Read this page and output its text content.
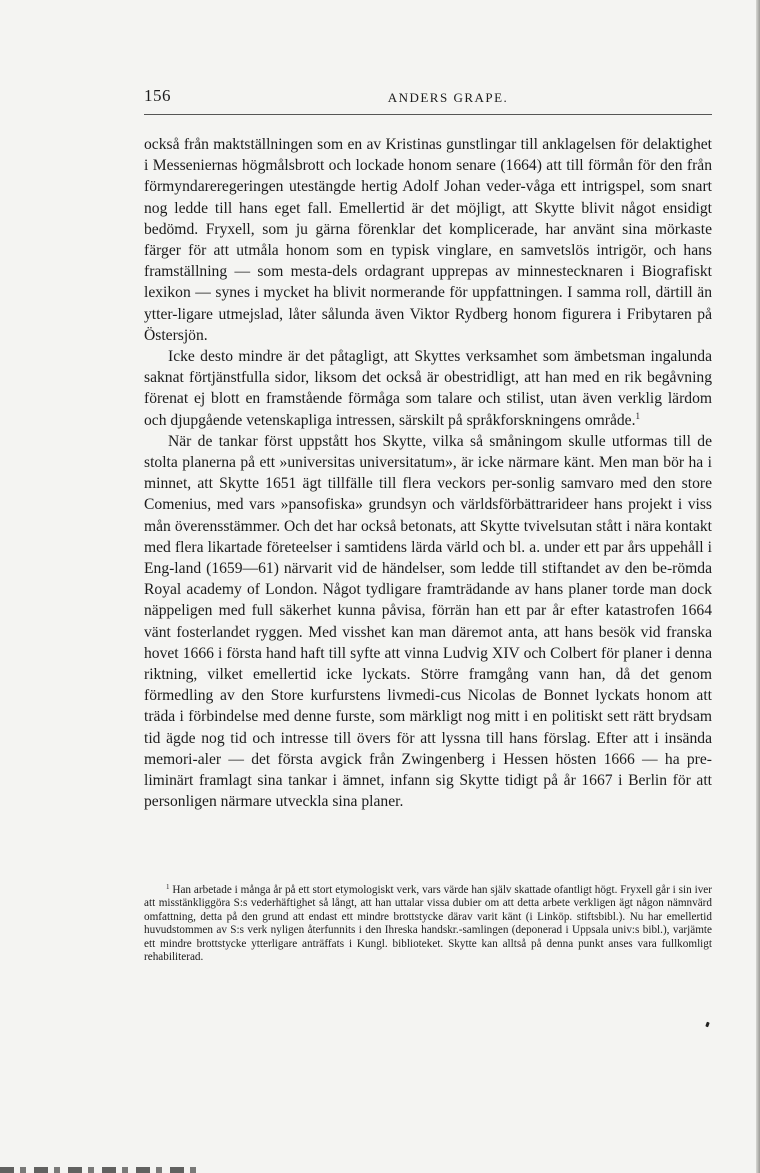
156	ANDERS GRAPE.

också från maktställningen som en av Kristinas gunstlingar till anklagelsen för delaktighet i Messeniernas högmålsbrott och lockade honom senare (1664) att till förmån för den från förmyndareregeringen utestängde hertig Adolf Johan veder-våga ett intrigspel, som snart nog ledde till hans eget fall. Emellertid är det möjligt, att Skytte blivit något ensidigt bedömd. Fryxell, som ju gärna förenklar det komplicerade, har använt sina mörkaste färger för att utmåla honom som en typisk vinglare, en samvetslös intrigör, och hans framställning — som mesta-dels ordagrant upprepas av minnestecknaren i Biografiskt lexikon — synes i mycket ha blivit normerande för uppfattningen. I samma roll, därtill än ytter-ligare utmejslad, låter sålunda även Viktor Rydberg honom figurera i Fribytaren på Östersjön.

Icke desto mindre är det påtagligt, att Skyttes verksamhet som ämbetsman ingalunda saknat förtjänstfulla sidor, liksom det också är obestridligt, att han med en rik begåvning förenat ej blott en framstående förmåga som talare och stilist, utan även verklig lärdom och djupgående vetenskapliga intressen, särskilt på språkforskningens område.$^1$

När de tankar först uppstått hos Skytte, vilka så småningom skulle utformas till de stolta planerna på ett »universitas universitatum», är icke närmare känt. Men man bör ha i minnet, att Skytte 1651 ägt tillfälle till flera veckors per-sonlig samvaro med den store Comenius, med vars »pansofiska» grundsyn och världsförbättrarideer hans projekt i viss mån överensstämmer. Och det har också betonats, att Skytte tvivelsutan stått i nära kontakt med flera likartade företeelser i samtidens lärda värld och bl. a. under ett par års uppehåll i Eng-land (1659—61) närvarit vid de händelser, som ledde till stiftandet av den be-römda Royal academy of London. Något tydligare framträdande av hans planer torde man dock näppeligen med full säkerhet kunna påvisa, förrän han ett par år efter katastrofen 1664 vänt fosterlandet ryggen. Med visshet kan man däremot anta, att hans besök vid franska hovet 1666 i första hand haft till syfte att vinna Ludvig XIV och Colbert för planer i denna riktning, vilket emellertid icke lyckats. Större framgång vann han, då det genom förmedling av den Store kurfurstens livmedi-cus Nicolas de Bonnet lyckats honom att träda i förbindelse med denne furste, som märkligt nog mitt i en politiskt sett rätt brydsam tid ägde nog tid och intresse till övers för att lyssna till hans förslag. Efter att i insända memori-aler — det första avgick från Zwingenberg i Hessen hösten 1666 — ha pre-liminärt framlagt sina tankar i ämnet, infann sig Skytte tidigt på år 1667 i Berlin för att personligen närmare utveckla sina planer.

$^1$ Han arbetade i många år på ett stort etymologiskt verk, vars värde han själv skattade ofantligt högt. Fryxell går i sin iver att misstänkliggöra S:s vederhäftighet så långt, att han uttalar vissa dubier om att detta arbete verkligen ägt någon nämnvärd omfattning, detta på den grund att endast ett mindre brottstycke därav varit känt (i Linköp. stiftsbibl.). Nu har emellertid huvudstommen av S:s verk nyligen återfunnits i den Ihreska handskr.-samlingen (deponerad i Uppsala univ:s bibl.), varjämte ett mindre brottstycke ytterligare anträffats i Kungl. biblioteket. Skytte kan alltså på denna punkt anses vara fullkomligt rehabiliterad.
